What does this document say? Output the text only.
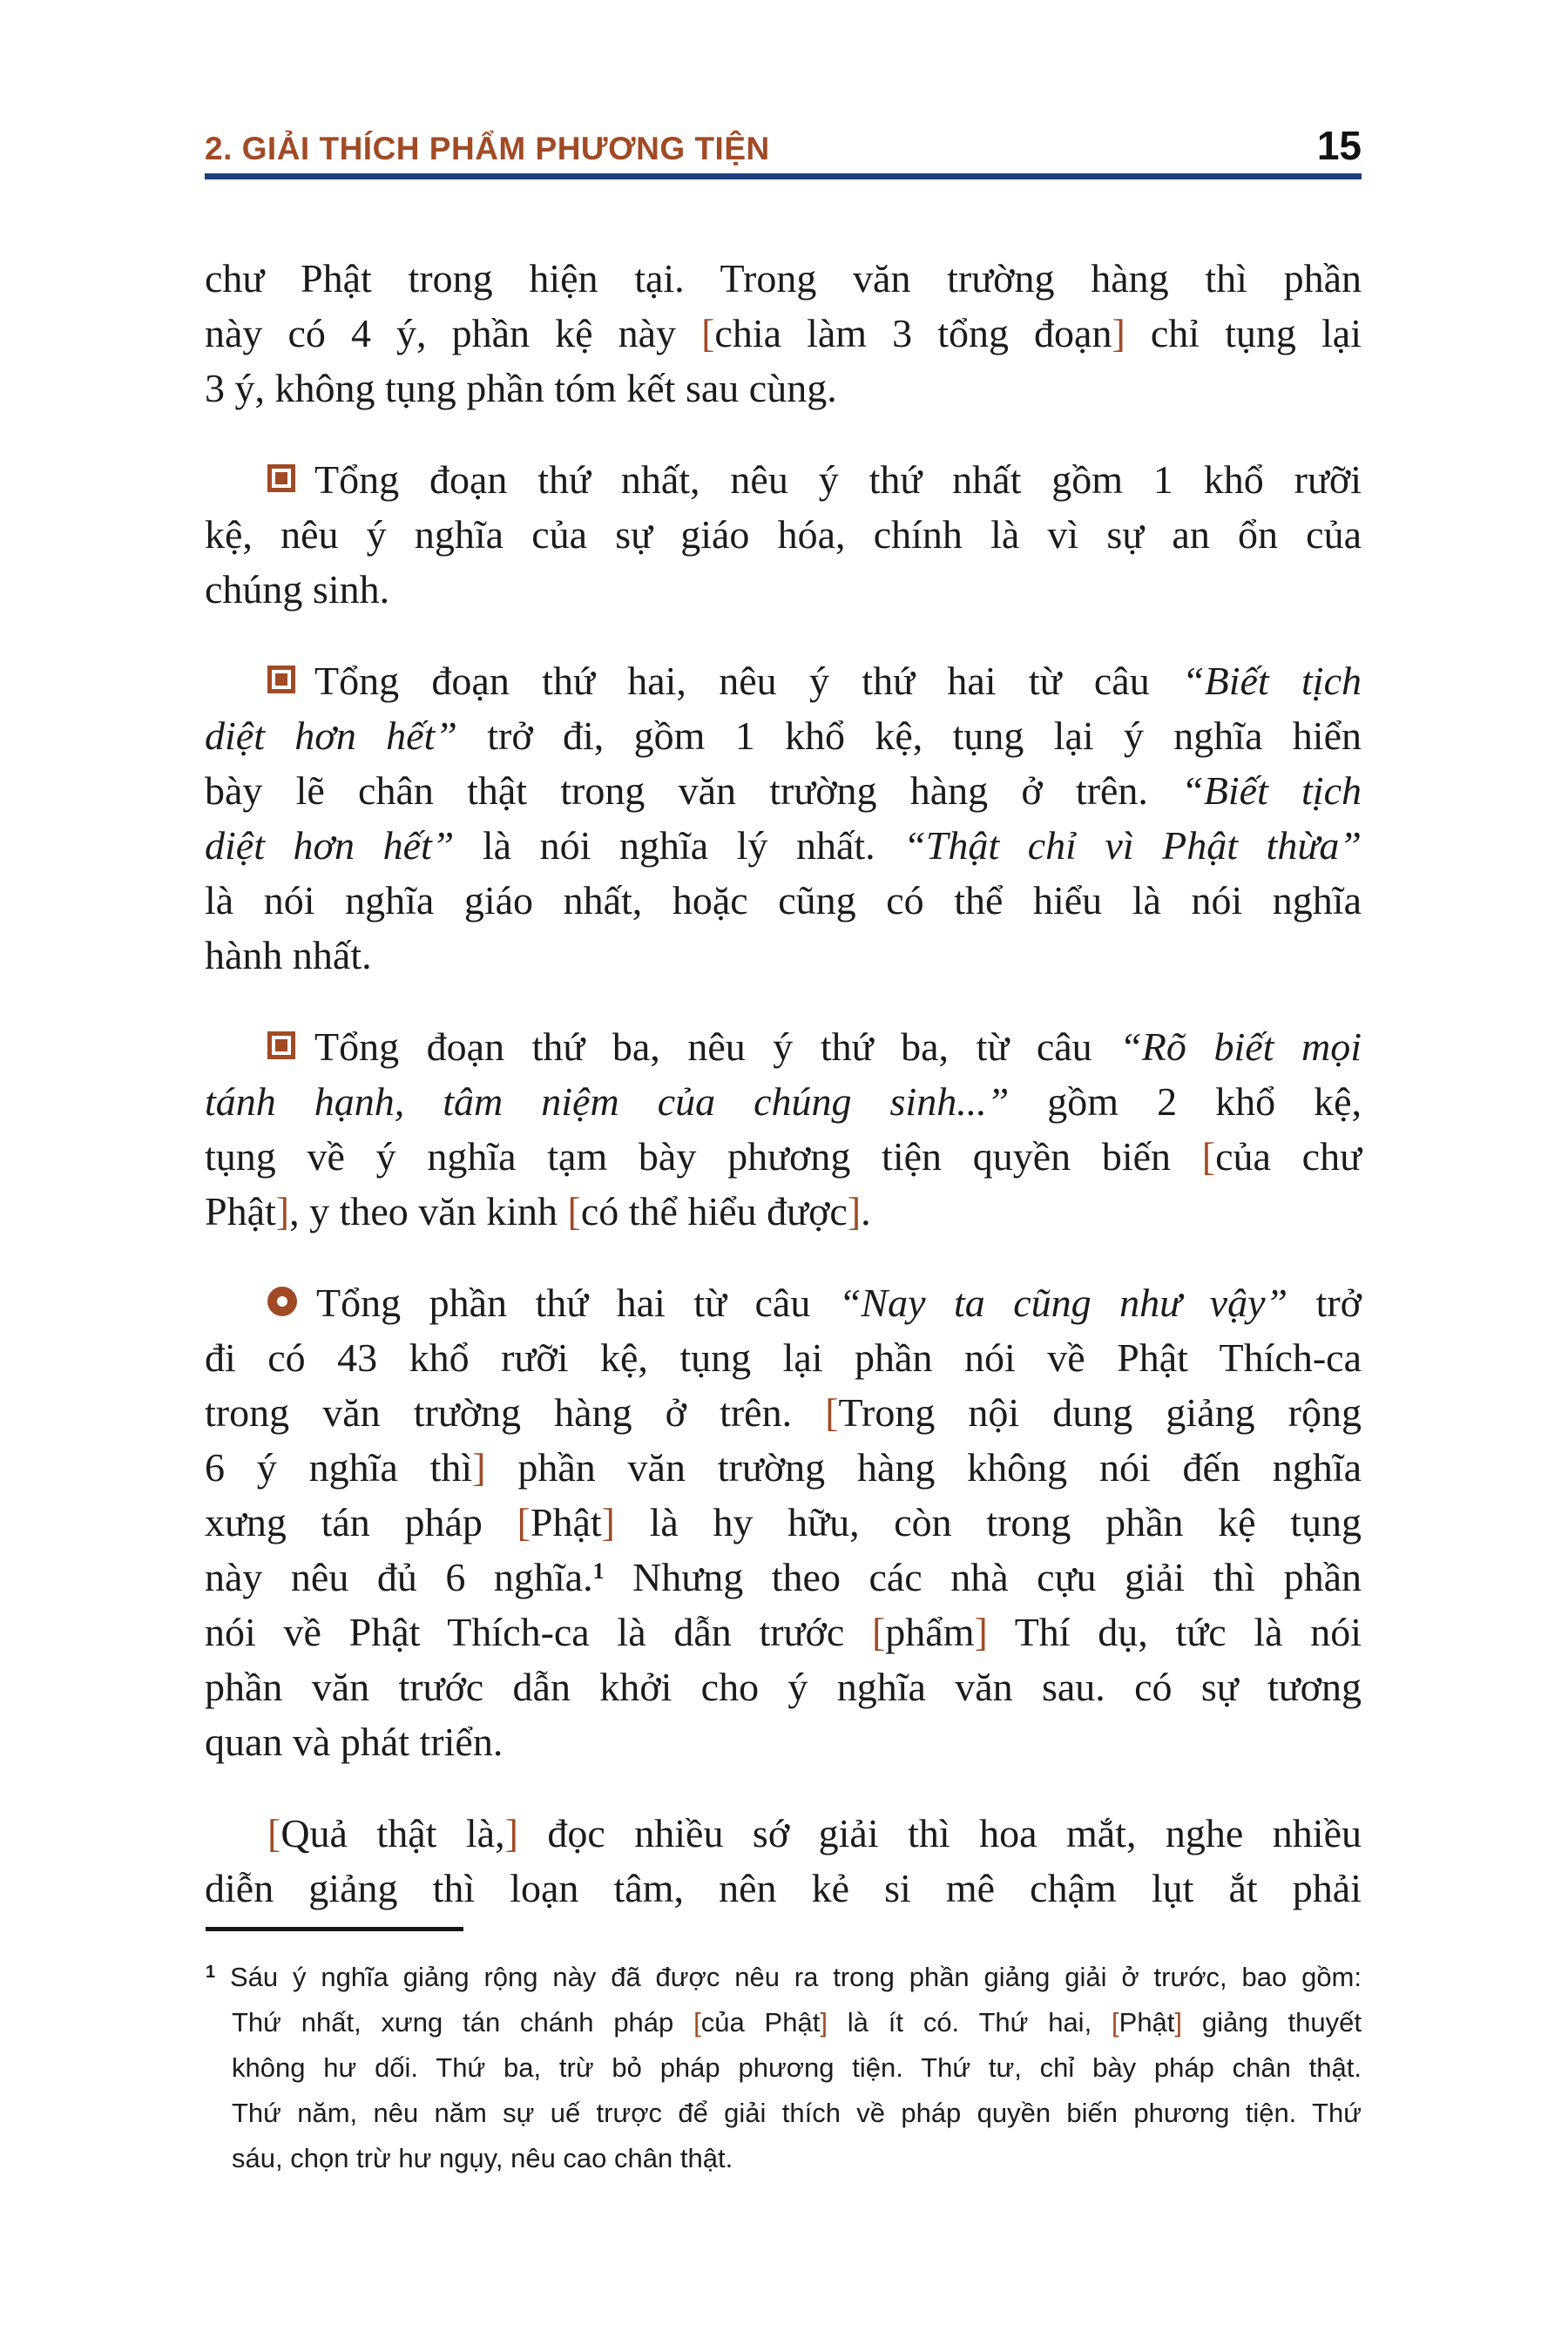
2. GIẢI THÍCH PHẨM PHƯƠNG TIỆN	15
chư Phật trong hiện tại. Trong văn trường hàng thì phần
này có 4 ý, phần kệ này [chia làm 3 tổng đoạn] chỉ tụng lại
3 ý, không tụng phần tóm kết sau cùng.
Tổng đoạn thứ nhất, nêu ý thứ nhất gồm 1 khổ rưỡi
kệ, nêu ý nghĩa của sự giáo hóa, chính là vì sự an ổn của
chúng sinh.
Tổng đoạn thứ hai, nêu ý thứ hai từ câu “Biết tịch
diệt hơn hết” trở đi, gồm 1 khổ kệ, tụng lại ý nghĩa hiển
bày lẽ chân thật trong văn trường hàng ở trên. “Biết tịch
diệt hơn hết” là nói nghĩa lý nhất. “Thật chỉ vì Phật thừa”
là nói nghĩa giáo nhất, hoặc cũng có thể hiểu là nói nghĩa
hành nhất.
Tổng đoạn thứ ba, nêu ý thứ ba, từ câu “Rõ biết mọi
tánh hạnh, tâm niệm của chúng sinh...” gồm 2 khổ kệ,
tụng về ý nghĩa tạm bày phương tiện quyền biến [của chư
Phật], y theo văn kinh [có thể hiểu được].
Tổng phần thứ hai từ câu “Nay ta cũng như vậy” trở
đi có 43 khổ rưỡi kệ, tụng lại phần nói về Phật Thích-ca
trong văn trường hàng ở trên. [Trong nội dung giảng rộng
6 ý nghĩa thì] phần văn trường hàng không nói đến nghĩa
xưng tán pháp [Phật] là hy hữu, còn trong phần kệ tụng
này nêu đủ 6 nghĩa.$^1$ Nhưng theo các nhà cựu giải thì phần
nói về Phật Thích-ca là dẫn trước [phẩm] Thí dụ, tức là nói
phần văn trước dẫn khởi cho ý nghĩa văn sau. có sự tương
quan và phát triển.
[Quả thật là,] đọc nhiều sớ giải thì hoa mắt, nghe nhiều
diễn giảng thì loạn tâm, nên kẻ si mê chậm lụt ắt phải
$^1$ Sáu ý nghĩa giảng rộng này đã được nêu ra trong phần giảng giải ở trước, bao gồm:
Thứ nhất, xưng tán chánh pháp [của Phật] là ít có. Thứ hai, [Phật] giảng thuyết
không hư dối. Thứ ba, trừ bỏ pháp phương tiện. Thứ tư, chỉ bày pháp chân thật.
Thứ năm, nêu năm sự uế trược để giải thích về pháp quyền biến phương tiện. Thứ
sáu, chọn trừ hư ngụy, nêu cao chân thật.
